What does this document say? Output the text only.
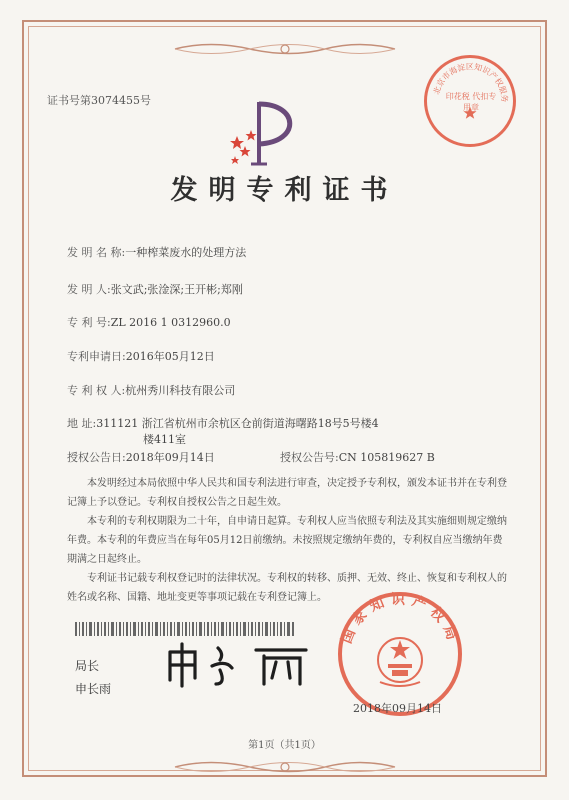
证书号第3074455号
北京市海淀区知识产权服务
印花税 代扣专用章
发明专利证书
发 明 名 称:一种榨菜废水的处理方法
发 明 人:张文武;张淦深;王开彬;郑刚
专 利 号:ZL 2016 1 0312960.0
专利申请日:2016年05月12日
专 利 权 人:杭州秀川科技有限公司
地 址:311121 浙江省杭州市余杭区仓前街道海曙路18号5号楼4
楼411室
授权公告日:2018年09月14日	授权公告号:CN 105819627 B

本发明经过本局依照中华人民共和国专利法进行审查，决定授予专利权，颁发本证书并在专利登记簿上予以登记。专利权自授权公告之日起生效。

本专利的专利权期限为二十年，自申请日起算。专利权人应当依照专利法及其实施细则规定缴纳年费。本专利的年费应当在每年05月12日前缴纳。未按照规定缴纳年费的，专利权自应当缴纳年费期满之日起终止。

专利证书记载专利权登记时的法律状况。专利权的转移、质押、无效、终止、恢复和专利权人的姓名或名称、国籍、地址变更等事项记载在专利登记簿上。

局长
申长雨
国家知识产权局
2018年09月14日
第1页（共1页）
